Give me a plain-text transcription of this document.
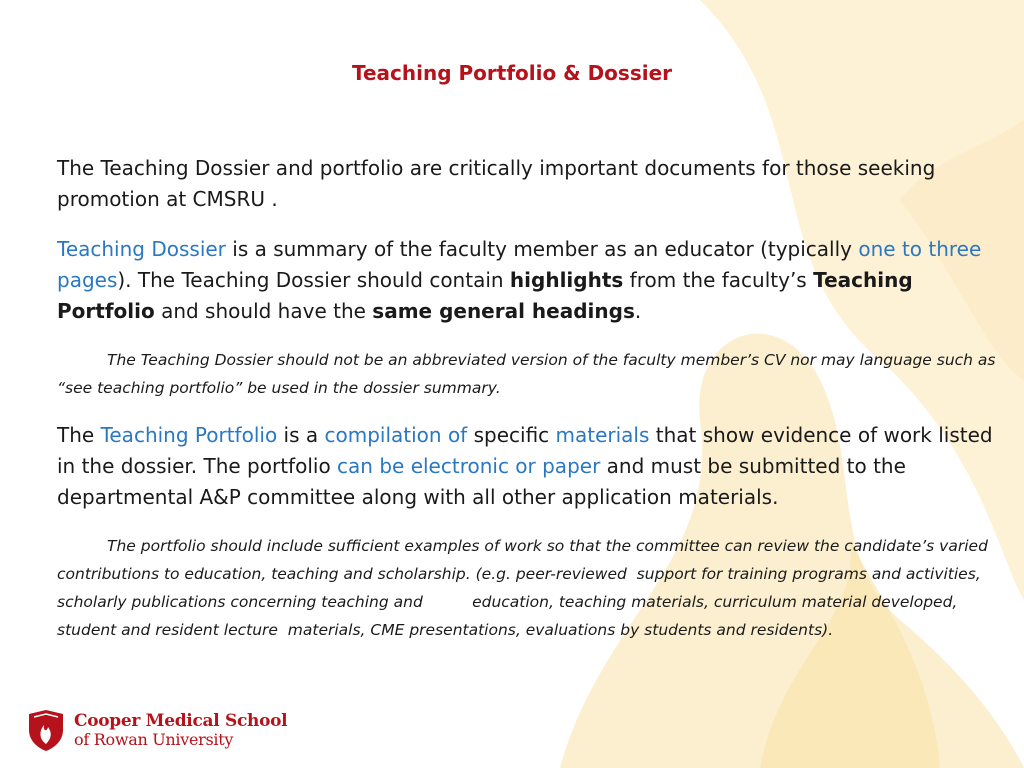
Teaching Portfolio & Dossier
The Teaching Dossier and portfolio are critically important documents for those seeking promotion at CMSRU .
Teaching Dossier is a summary of the faculty member as an educator (typically one to three pages). The Teaching Dossier should contain highlights from the faculty’s Teaching Portfolio and should have the same general headings.
The Teaching Dossier should not be an abbreviated version of the faculty member’s CV nor may language such as “see teaching portfolio” be used in the dossier summary.
The Teaching Portfolio is a compilation of specific materials that show evidence of work listed in the dossier. The portfolio can be electronic or paper and must be submitted to the departmental A&P committee along with all other application materials.
The portfolio should include sufficient examples of work so that the committee can review the candidate’s varied contributions to education, teaching and scholarship. (e.g. peer-reviewed  support for training programs and activities, scholarly publications concerning teaching and          education, teaching materials, curriculum material developed, student and resident lecture  materials, CME presentations, evaluations by students and residents).
Cooper Medical School
of Rowan University
